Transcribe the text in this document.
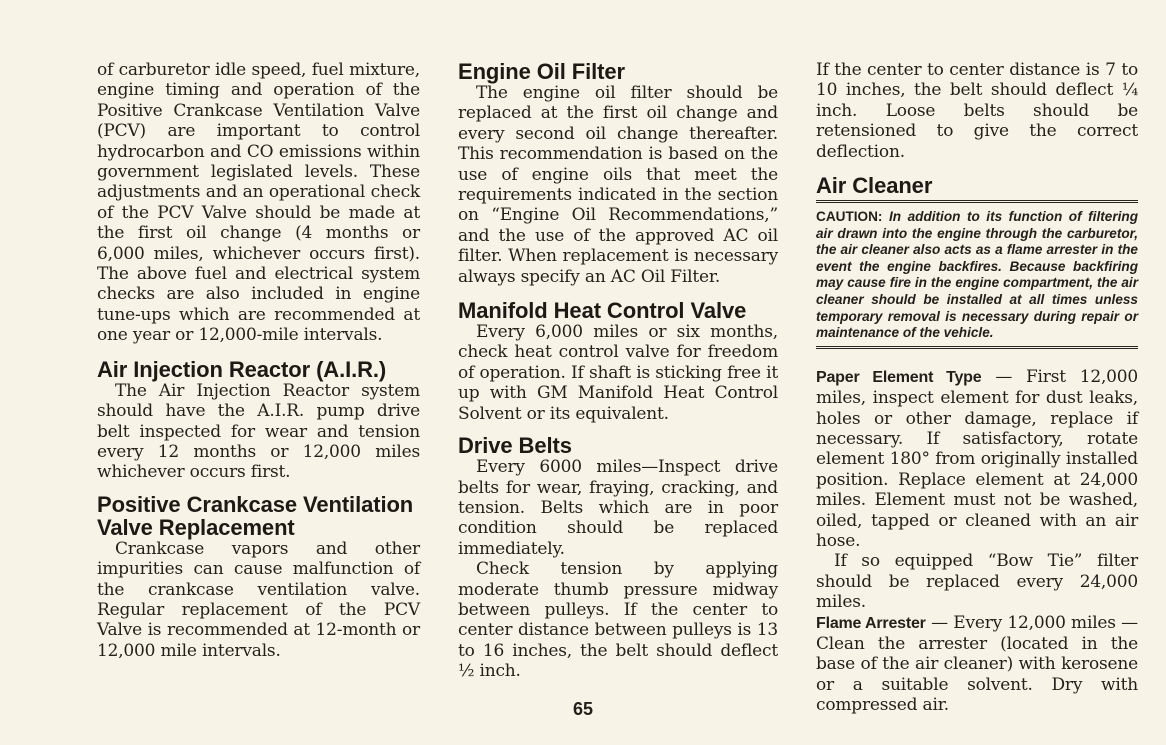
of carburetor idle speed, fuel mixture, engine timing and operation of the Positive Crankcase Ventilation Valve (PCV) are important to control hydrocarbon and CO emissions within government legislated levels. These adjustments and an operational check of the PCV Valve should be made at the first oil change (4 months or 6,000 miles, whichever occurs first). The above fuel and electrical system checks are also included in engine tune-ups which are recommended at one year or 12,000-mile intervals.

Air Injection Reactor (A.I.R.)

The Air Injection Reactor system should have the A.I.R. pump drive belt inspected for wear and tension every 12 months or 12,000 miles whichever occurs first.

Positive Crankcase Ventilation Valve Replacement

Crankcase vapors and other impurities can cause malfunction of the crankcase ventilation valve. Regular replacement of the PCV Valve is recommended at 12-month or 12,000 mile intervals.

Engine Oil Filter

The engine oil filter should be replaced at the first oil change and every second oil change thereafter. This recommendation is based on the use of engine oils that meet the requirements indicated in the section on “Engine Oil Recommendations,” and the use of the approved AC oil filter. When replacement is necessary always specify an AC Oil Filter.

Manifold Heat Control Valve

Every 6,000 miles or six months, check heat control valve for freedom of operation. If shaft is sticking free it up with GM Manifold Heat Control Solvent or its equivalent.

Drive Belts

Every 6000 miles—Inspect drive belts for wear, fraying, cracking, and tension. Belts which are in poor condition should be replaced immediately.

Check tension by applying moderate thumb pressure midway between pulleys. If the center to center distance between pulleys is 13 to 16 inches, the belt should deflect ½ inch.

If the center to center distance is 7 to 10 inches, the belt should deflect ¼ inch. Loose belts should be retensioned to give the correct deflection.

Air Cleaner
CAUTION: In addition to its function of filtering air drawn into the engine through the carburetor, the air cleaner also acts as a flame arrester in the event the engine backfires. Because backfiring may cause fire in the engine compartment, the air cleaner should be installed at all times unless temporary removal is necessary during repair or maintenance of the vehicle.

Paper Element Type — First 12,000 miles, inspect element for dust leaks, holes or other damage, replace if necessary. If satisfactory, rotate element 180° from originally installed position. Replace element at 24,000 miles. Element must not be washed, oiled, tapped or cleaned with an air hose.

If so equipped “Bow Tie” filter should be replaced every 24,000 miles.

Flame Arrester — Every 12,000 miles —Clean the arrester (located in the base of the air cleaner) with kerosene or a suitable solvent. Dry with compressed air.

65
